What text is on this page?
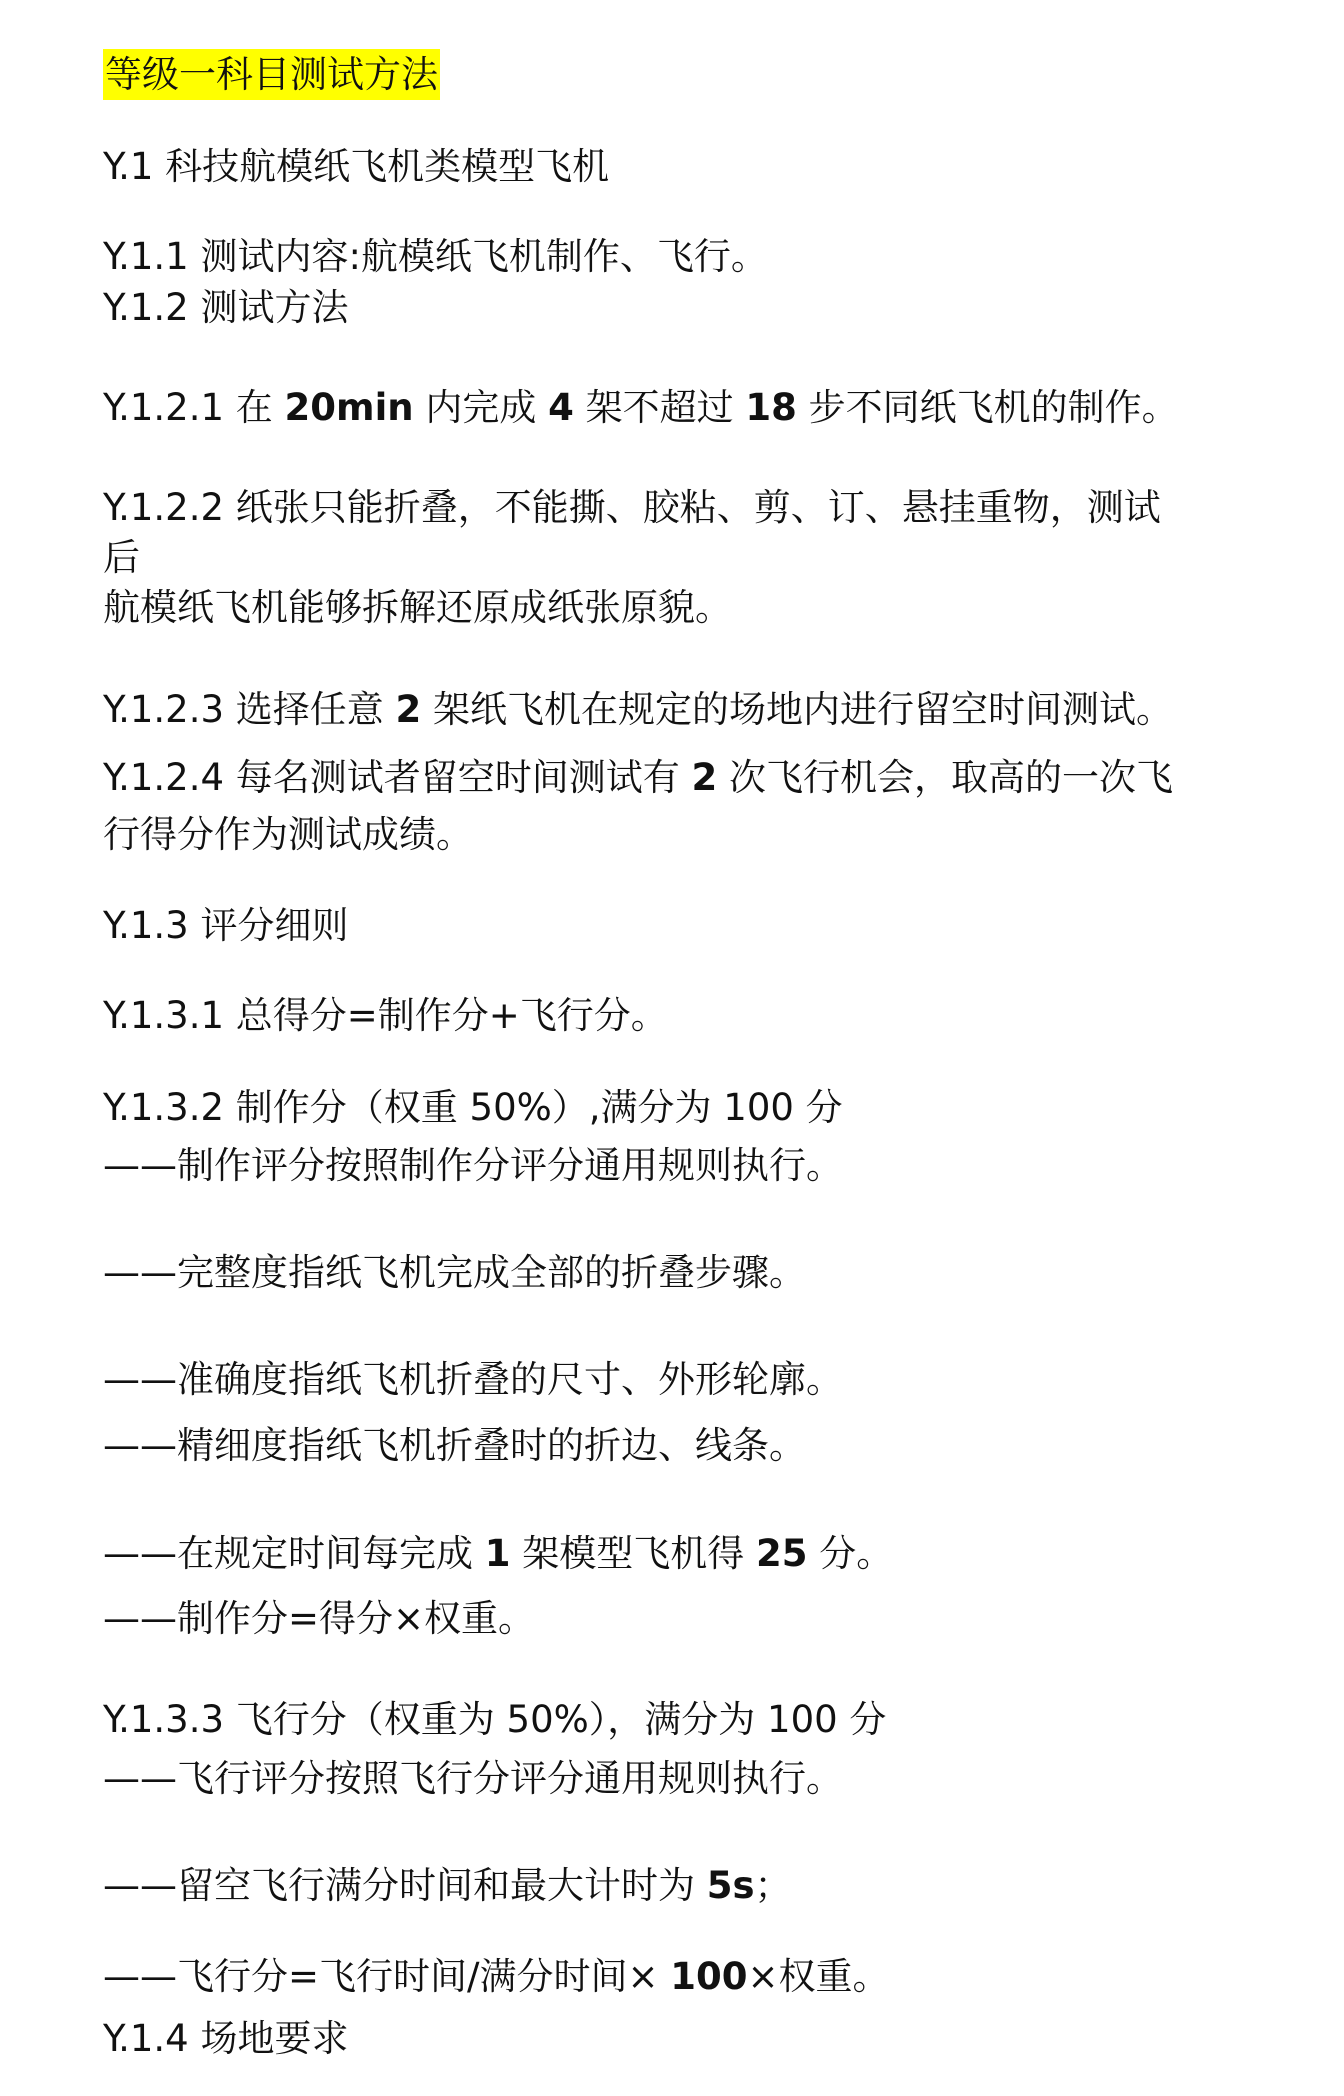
等级一科目测试方法
Y.1 科技航模纸飞机类模型飞机
Y.1.1 测试内容:航模纸飞机制作、飞行。
Y.1.2 测试方法
Y.1.2.1 在 20min 内完成 4 架不超过 18 步不同纸飞机的制作。
Y.1.2.2 纸张只能折叠，不能撕、胶粘、剪、订、悬挂重物，测试
后
航模纸飞机能够拆解还原成纸张原貌。
Y.1.2.3 选择任意 2 架纸飞机在规定的场地内进行留空时间测试。
Y.1.2.4 每名测试者留空时间测试有 2 次飞行机会，取高的一次飞
行得分作为测试成绩。
Y.1.3 评分细则
Y.1.3.1 总得分=制作分+飞行分。
Y.1.3.2 制作分（权重 50%）,满分为 100 分
——制作评分按照制作分评分通用规则执行。
——完整度指纸飞机完成全部的折叠步骤。
——准确度指纸飞机折叠的尺寸、外形轮廓。
——精细度指纸飞机折叠时的折边、线条。
——在规定时间每完成 1 架模型飞机得 25 分。
——制作分=得分×权重。
Y.1.3.3 飞行分（权重为 50%），满分为 100 分
——飞行评分按照飞行分评分通用规则执行。
——留空飞行满分时间和最大计时为 5s；
——飞行分=飞行时间/满分时间× 100×权重。
Y.1.4 场地要求
